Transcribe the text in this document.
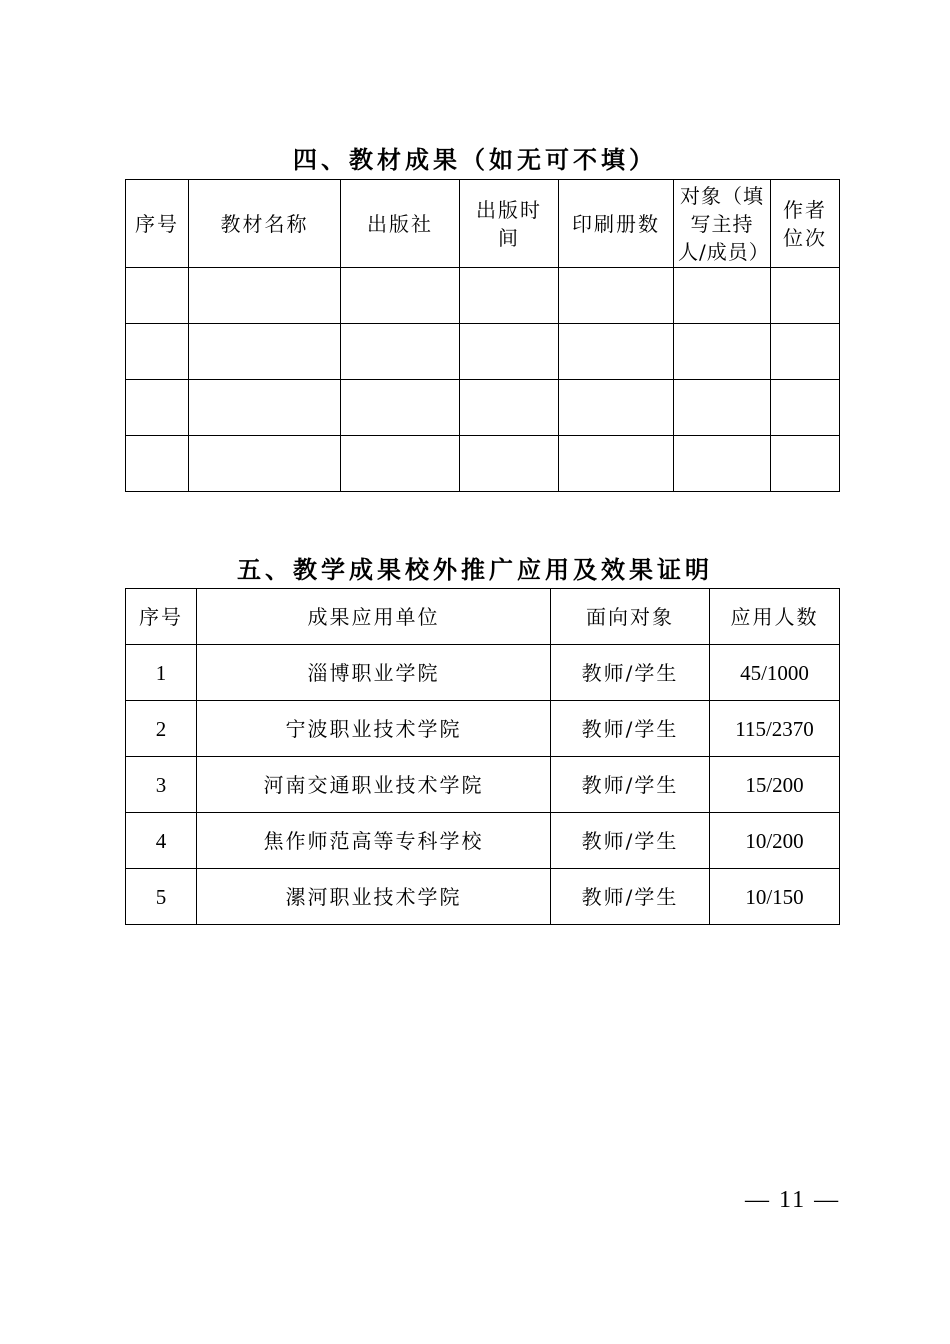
四、教材成果（如无可不填）
序号	教材名称	出版社	出版时间	印刷册数	对象（填写主持人/成员）	作者位次

五、教学成果校外推广应用及效果证明
序号	成果应用单位	面向对象	应用人数
1	淄博职业学院	教师/学生	45/1000
2	宁波职业技术学院	教师/学生	115/2370
3	河南交通职业技术学院	教师/学生	15/200
4	焦作师范高等专科学校	教师/学生	10/200
5	漯河职业技术学院	教师/学生	10/150
— 11 —
